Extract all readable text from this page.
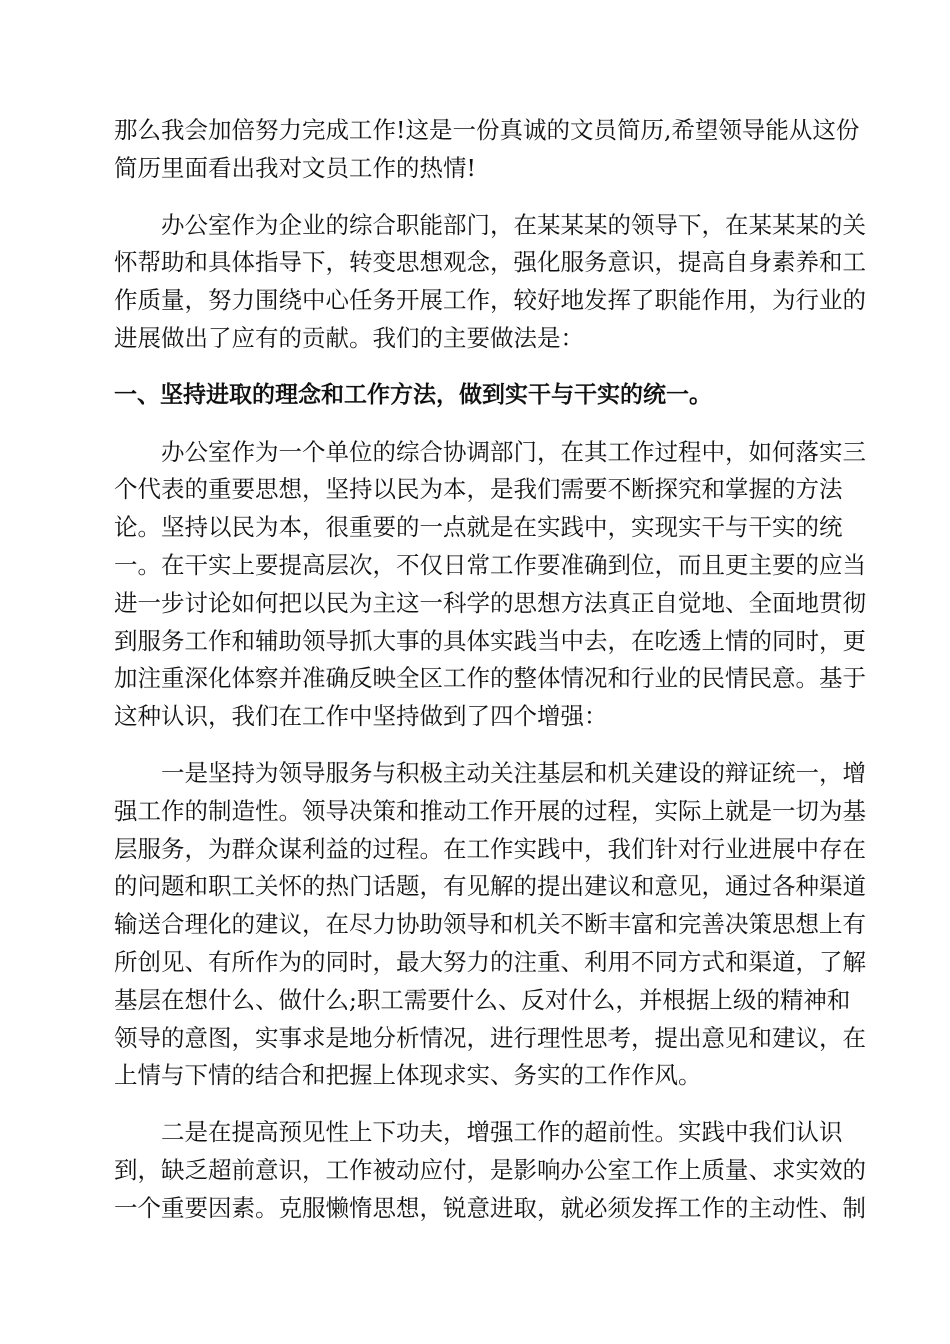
那么我会加倍努力完成工作!这是一份真诚的文员简历,希望领导能从这份
简历里面看出我对文员工作的热情!
办公室作为企业的综合职能部门，在某某某的领导下，在某某某的关
怀帮助和具体指导下，转变思想观念，强化服务意识，提高自身素养和工
作质量，努力围绕中心任务开展工作，较好地发挥了职能作用，为行业的
进展做出了应有的贡献。我们的主要做法是：
一、坚持进取的理念和工作方法，做到实干与干实的统一。
办公室作为一个单位的综合协调部门，在其工作过程中，如何落实三
个代表的重要思想，坚持以民为本，是我们需要不断探究和掌握的方法
论。坚持以民为本，很重要的一点就是在实践中，实现实干与干实的统
一。在干实上要提高层次，不仅日常工作要准确到位，而且更主要的应当
进一步讨论如何把以民为主这一科学的思想方法真正自觉地、全面地贯彻
到服务工作和辅助领导抓大事的具体实践当中去，在吃透上情的同时，更
加注重深化体察并准确反映全区工作的整体情况和行业的民情民意。基于
这种认识，我们在工作中坚持做到了四个增强：
一是坚持为领导服务与积极主动关注基层和机关建设的辩证统一，增
强工作的制造性。领导决策和推动工作开展的过程，实际上就是一切为基
层服务，为群众谋利益的过程。在工作实践中，我们针对行业进展中存在
的问题和职工关怀的热门话题，有见解的提出建议和意见，通过各种渠道
输送合理化的建议，在尽力协助领导和机关不断丰富和完善决策思想上有
所创见、有所作为的同时，最大努力的注重、利用不同方式和渠道，了解
基层在想什么、做什么;职工需要什么、反对什么，并根据上级的精神和
领导的意图，实事求是地分析情况，进行理性思考，提出意见和建议，在
上情与下情的结合和把握上体现求实、务实的工作作风。
二是在提高预见性上下功夫，增强工作的超前性。实践中我们认识
到，缺乏超前意识，工作被动应付，是影响办公室工作上质量、求实效的
一个重要因素。克服懒惰思想，锐意进取，就必须发挥工作的主动性、制
